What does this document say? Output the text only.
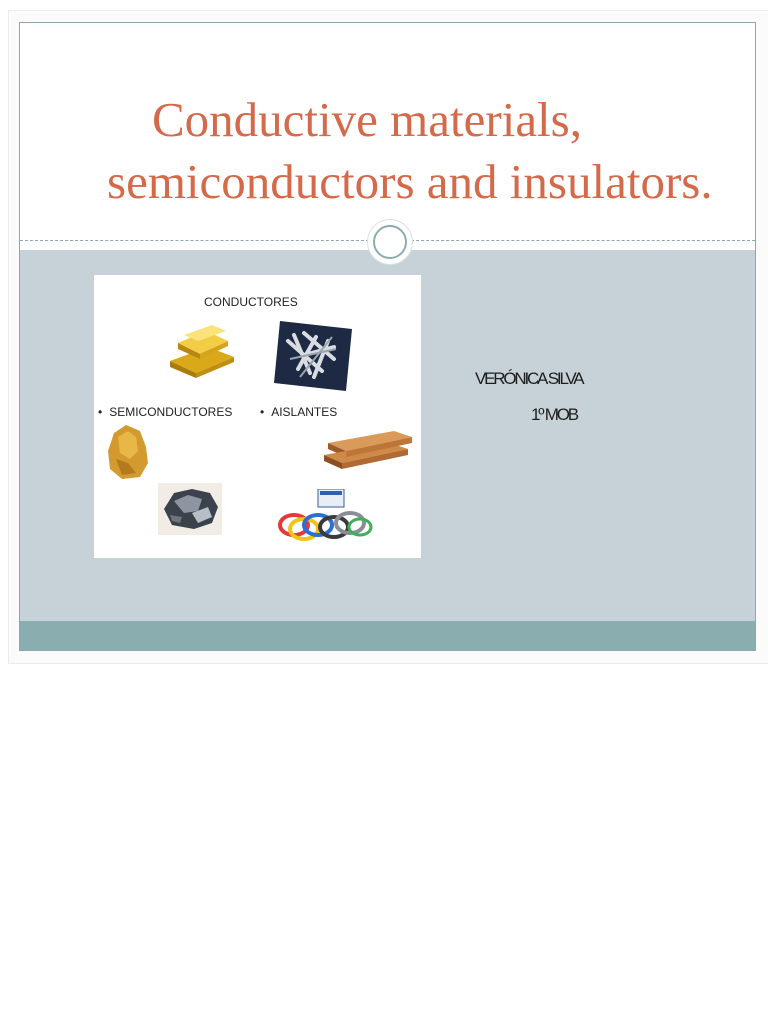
Conductive materials,
semiconductors and insulators.
CONDUCTORES
• SEMICONDUCTORES
•	AISLANTES
VERÓNICA SILVA
1º MOB
